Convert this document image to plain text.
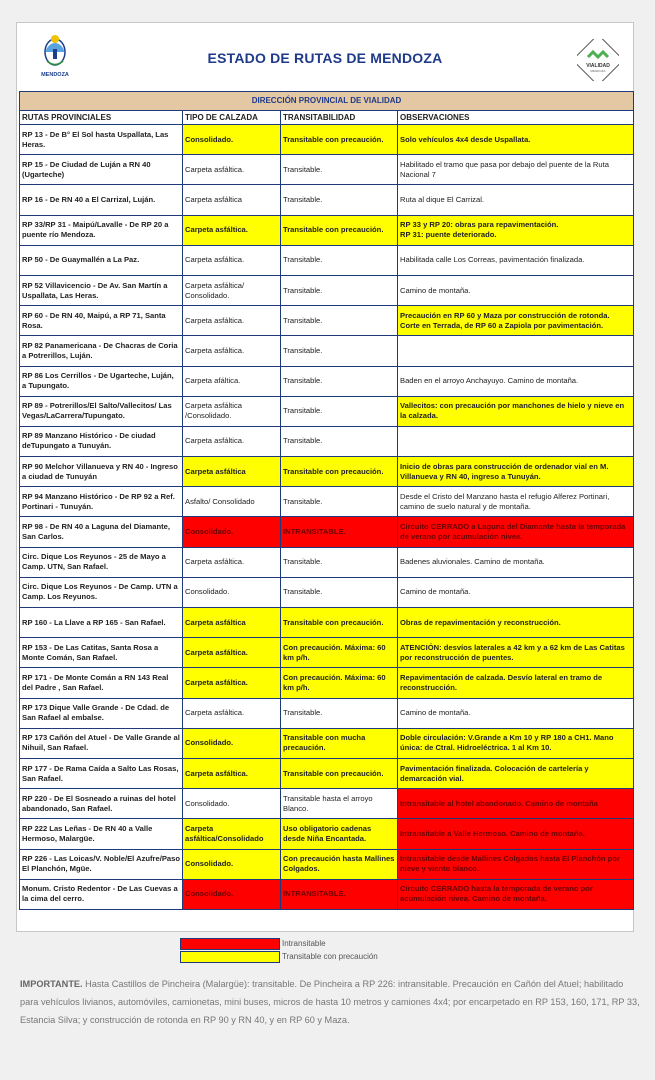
MENDOZA
ESTADO DE RUTAS DE MENDOZA	VIALIDAD
MENDOZA
DIRECCIÓN PROVINCIAL DE VIALIDAD			
RUTAS PROVINCIALES	TIPO DE CALZADA	TRANSITABILIDAD	OBSERVACIONES
RP 13 - De B° El Sol hasta Uspallata, Las Heras.	Consolidado.	Transitable con precaución.	Solo vehículos 4x4 desde Uspallata.
RP 15 - De Ciudad de Luján a RN 40 (Ugarteche)	Carpeta asfáltica.	Transitable.	Habilitado el tramo que pasa por debajo del puente de la Ruta Nacional 7
RP 16 - De RN 40 a El Carrizal, Luján.	Carpeta asfáltica	Transitable.	Ruta al dique El Carrizal.
RP 33/RP 31 - Maipú/Lavalle - De RP 20 a puente río Mendoza.	Carpeta asfáltica.	Transitable con precaución.	RP 33 y RP 20: obras para repavimentación.
RP 31: puente deteriorado.
RP 50 - De Guaymallén a La Paz.	Carpeta asfáltica.	Transitable.	Habilitada calle Los Correas, pavimentación finalizada.
RP 52 Villavicencio - De Av. San Martín a Uspallata, Las Heras.	Carpeta asfáltica/ Consolidado.	Transitable.	Camino de montaña.
RP 60 - De RN 40, Maipú, a RP 71, Santa Rosa.	Carpeta asfáltica.	Transitable.	Precaución en RP 60 y Maza por construcción de rotonda.
Corte en Terrada, de RP 60 a Zapiola por pavimentación.
RP 82 Panamericana - De Chacras de Coria a Potrerillos, Luján.	Carpeta asfáltica.	Transitable.	
RP 86 Los Cerrillos - De Ugarteche, Luján, a Tupungato.	Carpeta afáltica.	Transitable.	Baden en el arroyo Anchayuyo. Camino de montaña.
RP 89 - Potrerillos/El Salto/Vallecitos/ Las Vegas/LaCarrera/Tupungato.	Carpeta asfáltica /Consolidado.	Transitable.	Vallecitos: con precaución por manchones de hielo y nieve en la calzada.
RP 89 Manzano Histórico - De ciudad deTupungato a Tunuyán.	Carpeta asfáltica.	Transitable.	
RP 90 Melchor Villanueva y RN 40 - Ingreso a ciudad de Tunuyán	Carpeta asfáltica	Transitable con precaución.	Inicio de obras para construcción de ordenador vial en M. Villanueva y RN 40, ingreso a Tunuyán.
RP 94 Manzano Histórico - De RP 92 a Ref. Portinari - Tunuyán.	Asfalto/ Consolidado	Transitable.	Desde el Cristo del Manzano hasta el refugio Alferez Portinari, camino de suelo natural y de montaña.
RP 98 - De RN 40 a Laguna del Diamante, San Carlos.	Consolidado.	INTRANSITABLE.	Circuito CERRADO a Laguna del Diamante hasta la temporada de verano por acumulación nivea.
Circ. Dique Los Reyunos - 25 de Mayo a Camp. UTN, San Rafael.	Carpeta asfáltica.	Transitable.	Badenes aluvionales. Camino de montaña.
Circ. Dique Los Reyunos - De Camp. UTN a Camp. Los Reyunos.	Consolidado.	Transitable.	Camino de montaña.
RP 160 - La Llave a RP 165 - San Rafael.	Carpeta asfáltica	Transitable con precaución.	Obras de repavimentación y reconstrucción.
RP 153 - De Las Catitas, Santa Rosa a Monte Comán, San Rafael.	Carpeta asfáltica.	Con precaución. Máxima: 60 km p/h.	ATENCIÓN: desvíos laterales a 42 km y a 62 km de Las Catitas por reconstrucción de puentes.
RP 171 - De Monte Comán a RN 143 Real del Padre , San Rafael.	Carpeta asfáltica.	Con precaución. Máxima: 60 km p/h.	Repavimentación de calzada. Desvío lateral en tramo de reconstrucción.
RP 173 Dique Valle Grande - De Cdad. de San Rafael al embalse.	Carpeta asfáltica.	Transitable.	Camino de montaña.
RP 173 Cañón del Atuel - De Valle Grande al Nihuil, San Rafael.	Consolidado.	Transitable con mucha precaución.	Doble circulación: V.Grande a Km 10 y RP 180 a CH1. Mano única: de Ctral. Hidroeléctrica. 1 al Km 10.
RP 177 - De Rama Caída a Salto Las Rosas, San Rafael.	Carpeta asfáltica.	Transitable con precaución.	Pavimentación finalizada. Colocación de cartelería y demarcación vial.
RP 220 - De El Sosneado a ruinas del hotel abandonado, San Rafael.	Consolidado.	Transitable hasta el arroyo Blanco.	Intransitable al hotel abandonado. Camino de montaña
RP 222 Las Leñas - De RN 40 a Valle Hermoso, Malargüe.	Carpeta asfáltica/Consolidado	Uso obligatorio cadenas desde Niña Encantada.	Intransitable a Valle Hermoso. Camino de montaña.
RP 226 - Las Loicas/V. Noble/El Azufre/Paso El Planchón, Mgüe.	Consolidado.	Con precaución hasta Mallines Colgados.	Intransitable desde Mallines Colgados hasta El Planchón por nieve y viento blanco.
Monum. Cristo Redentor - De Las Cuevas a la cima del cerro.	Consolidado.	INTRANSITABLE.	Circuito CERRADO hasta la temporada de verano por acumulación nivea. Camino de montaña.
Intransitable
Transitable con precaución
IMPORTANTE. Hasta Castillos de Pincheira (Malargüe): transitable. De Pincheira a RP 226: intransitable. Precaución en Cañón del Atuel; habilitado para vehículos livianos, automóviles, camionetas, mini buses, micros de hasta 10 metros y camiones 4x4; por encarpetado en RP 153, 160, 171, RP 33, Estancia Silva; y construcción de rotonda en RP 90 y RN 40, y en RP 60 y Maza.
